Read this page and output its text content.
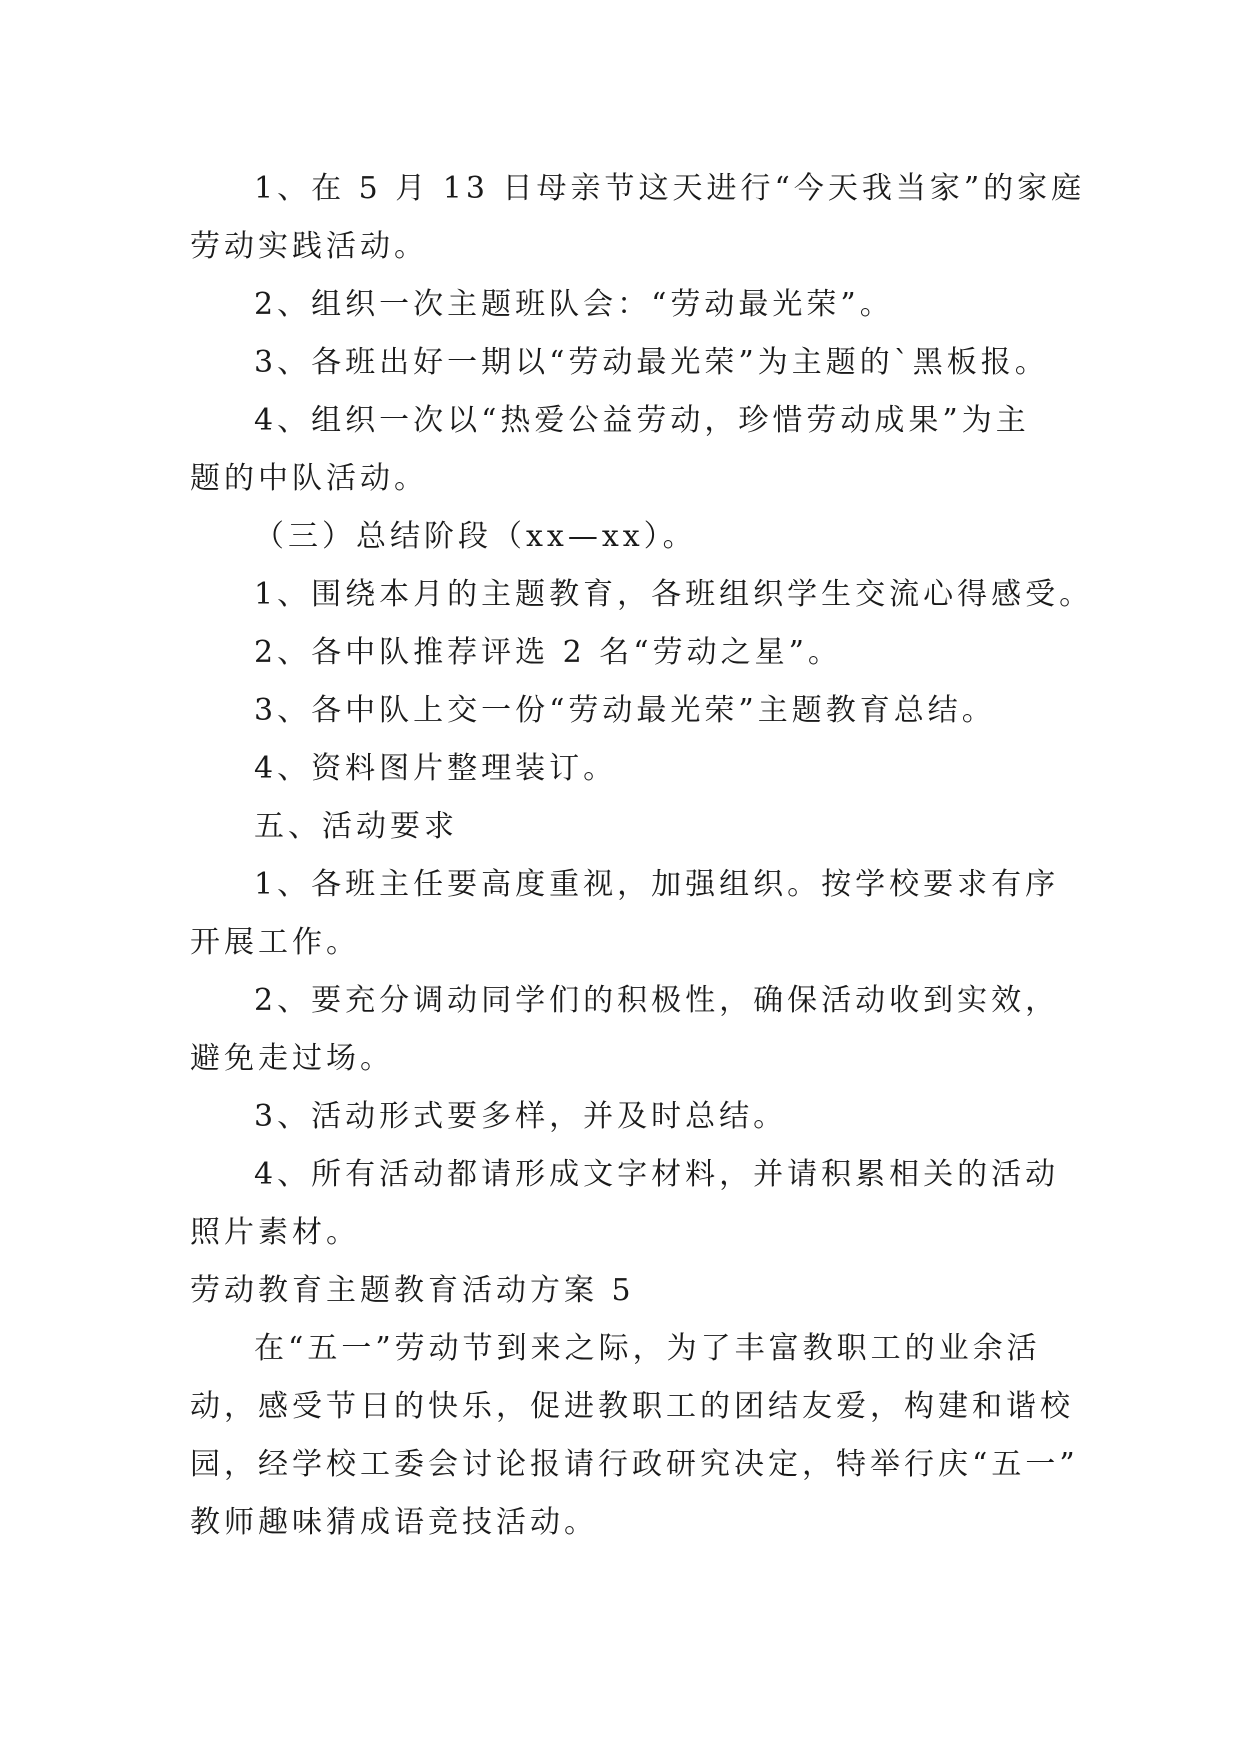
1、在 5 月 13 日母亲节这天进行“今天我当家”的家庭
劳动实践活动。

2、组织一次主题班队会：“劳动最光荣”。

3、各班出好一期以“劳动最光荣”为主题的`黑板报。

4、组织一次以“热爱公益劳动，珍惜劳动成果”为主
题的中队活动。

（三）总结阶段（xx—xx）。

1、围绕本月的主题教育，各班组织学生交流心得感受。

2、各中队推荐评选 2 名“劳动之星”。

3、各中队上交一份“劳动最光荣”主题教育总结。

4、资料图片整理装订。

五、活动要求

1、各班主任要高度重视，加强组织。按学校要求有序
开展工作。

2、要充分调动同学们的积极性，确保活动收到实效，
避免走过场。

3、活动形式要多样，并及时总结。

4、所有活动都请形成文字材料，并请积累相关的活动
照片素材。

劳动教育主题教育活动方案 5

在“五一”劳动节到来之际，为了丰富教职工的业余活
动，感受节日的快乐，促进教职工的团结友爱，构建和谐校
园，经学校工委会讨论报请行政研究决定，特举行庆“五一”
教师趣味猜成语竞技活动。
